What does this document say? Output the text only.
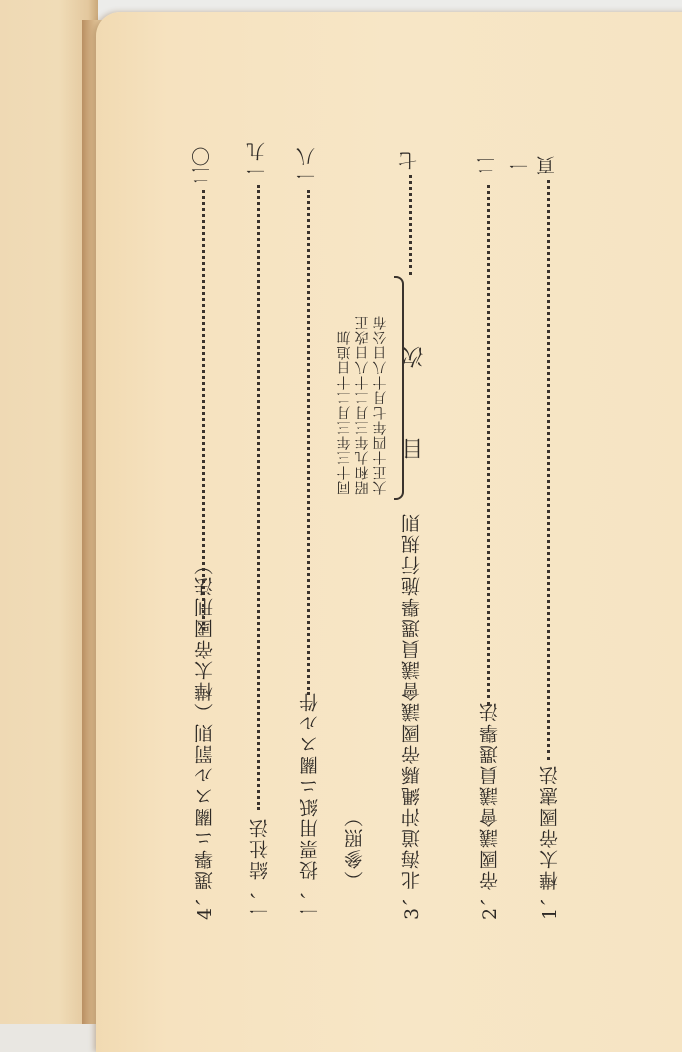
目次
1、
樺太帝國憲法
一頁
2、
帝國議會議員選擧法
二
3、
北海道沖縄縣帝國議會議員選擧施行規則
大正十四年七月十八日公布
昭和九年三月二十八日改正
同十三年三月二十日追加
七
（參照）
一、
投票用紙ニ關スル件
一八
一、
結社法
一九
4、
選擧ニ關スル罰則（樺太帝國刑法）
二〇
